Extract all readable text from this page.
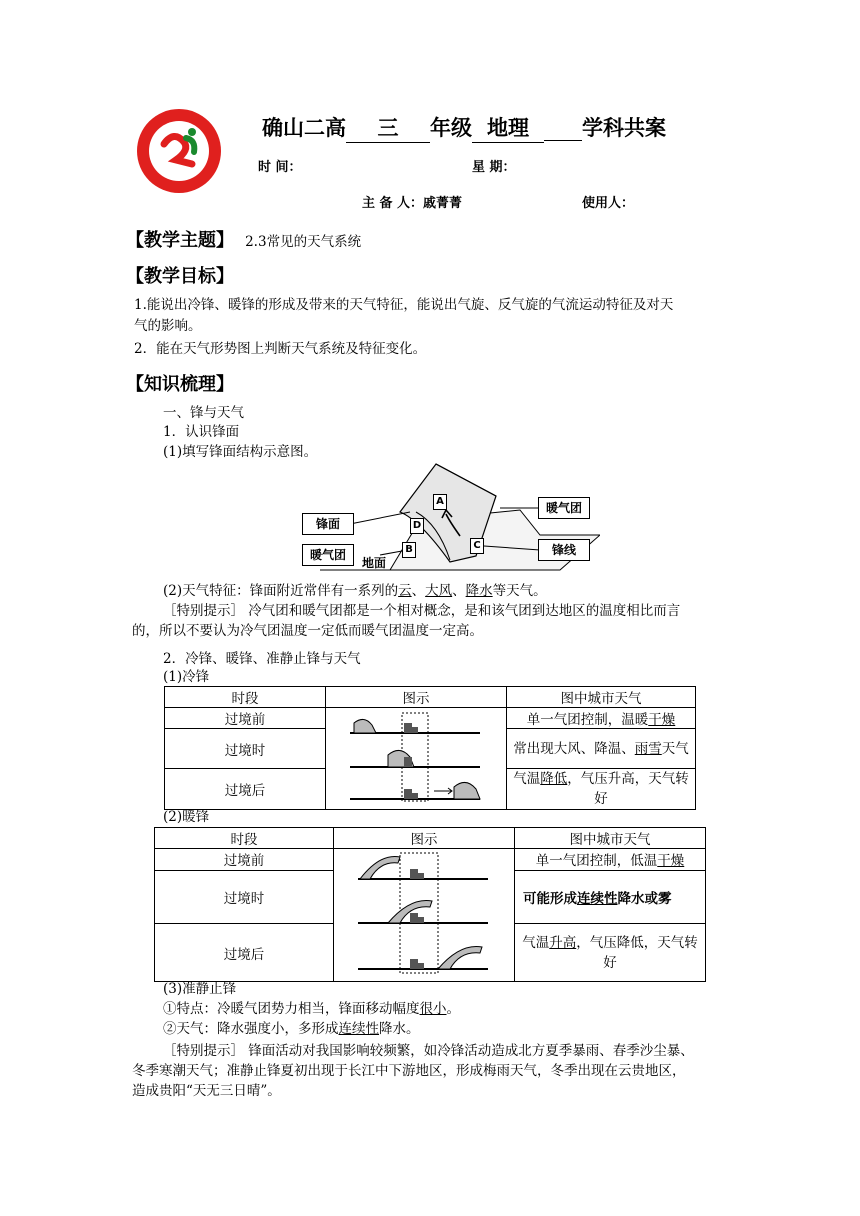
确山二高 三 年级 地理	学科共案
时 间：	星 期：
主 备 人：戚菁菁	使用人：
【教学主题】 2.3常见的天气系统
【教学目标】
1.能说出冷锋、暖锋的形成及带来的天气特征，能说出气旋、反气旋的气流运动特征及对天
气的影响。
2．能在天气形势图上判断天气系统及特征变化。
【知识梳理】
一、锋与天气
1．认识锋面
(1)填写锋面结构示意图。
A
D
B	C
锋面
暖气团
地面
暖气团
锋线
(2)天气特征：锋面附近常伴有一系列的云、大风、降水等天气。
［特别提示］ 冷气团和暖气团都是一个相对概念，是和该气团到达地区的温度相比而言
的，所以不要认为冷气团温度一定低而暖气团温度一定高。
2．冷锋、暖锋、准静止锋与天气
(1)冷锋
时段	图示	图中城市天气
过境前		单一气团控制，温暖干燥
过境时		常出现大风、降温、雨雪天气
过境后		气温降低，气压升高，天气转好
(2)暖锋
时段	图示	图中城市天气
过境前		单一气团控制，低温干燥
过境时		可能形成连续性降水或雾
过境后		气温升高，气压降低，天气转好
(3)准静止锋
①特点：冷暖气团势力相当，锋面移动幅度很小。
②天气：降水强度小，多形成连续性降水。
［特别提示］ 锋面活动对我国影响较频繁，如冷锋活动造成北方夏季暴雨、春季沙尘暴、
冬季寒潮天气；准静止锋夏初出现于长江中下游地区，形成梅雨天气，冬季出现在云贵地区，
造成贵阳“天无三日晴”。
